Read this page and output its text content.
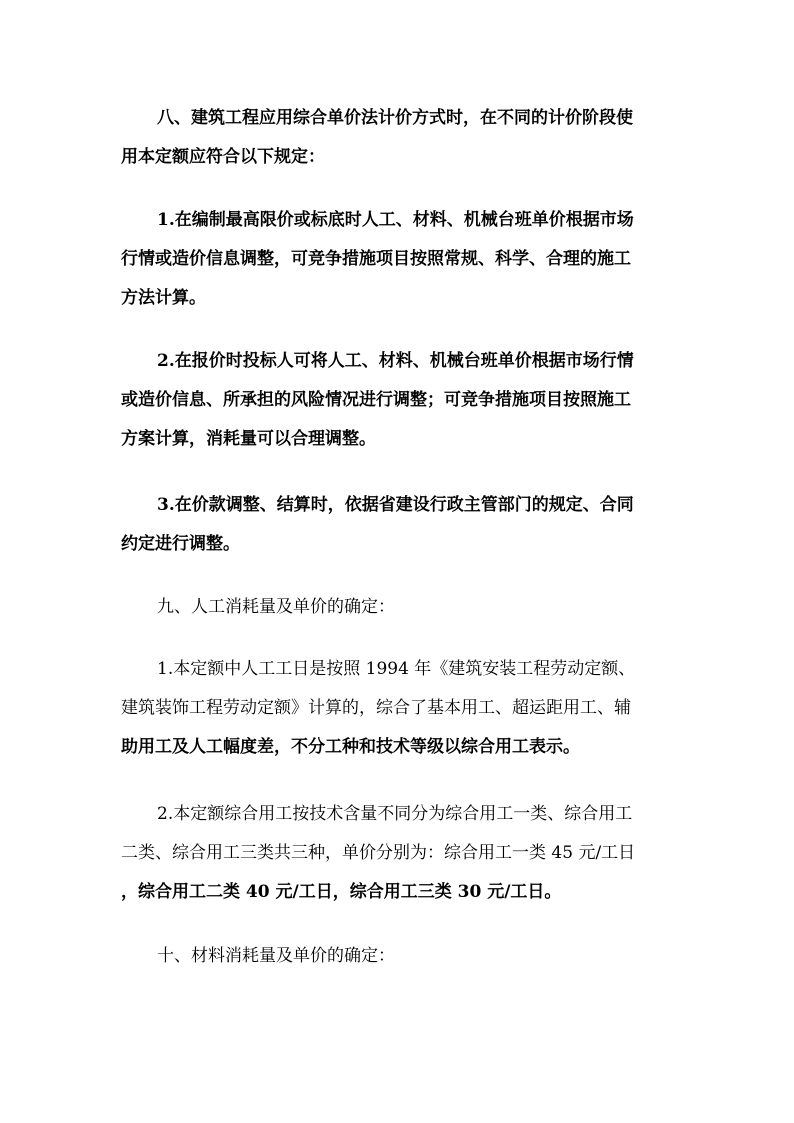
八、建筑工程应用综合单价法计价方式时，在不同的计价阶段使
用本定额应符合以下规定：

1.在编制最高限价或标底时人工、材料、机械台班单价根据市场
行情或造价信息调整，可竞争措施项目按照常规、科学、合理的施工
方法计算。

2.在报价时投标人可将人工、材料、机械台班单价根据市场行情
或造价信息、所承担的风险情况进行调整；可竞争措施项目按照施工
方案计算，消耗量可以合理调整。

3.在价款调整、结算时，依据省建设行政主管部门的规定、合同
约定进行调整。

九、人工消耗量及单价的确定：

1.本定额中人工工日是按照 1994 年《建筑安装工程劳动定额、
建筑装饰工程劳动定额》计算的，综合了基本用工、超运距用工、辅
助用工及人工幅度差，不分工种和技术等级以综合用工表示。

2.本定额综合用工按技术含量不同分为综合用工一类、综合用工
二类、综合用工三类共三种，单价分别为：综合用工一类 45 元/工日
，综合用工二类 40 元/工日，综合用工三类 30 元/工日。

十、材料消耗量及单价的确定：
